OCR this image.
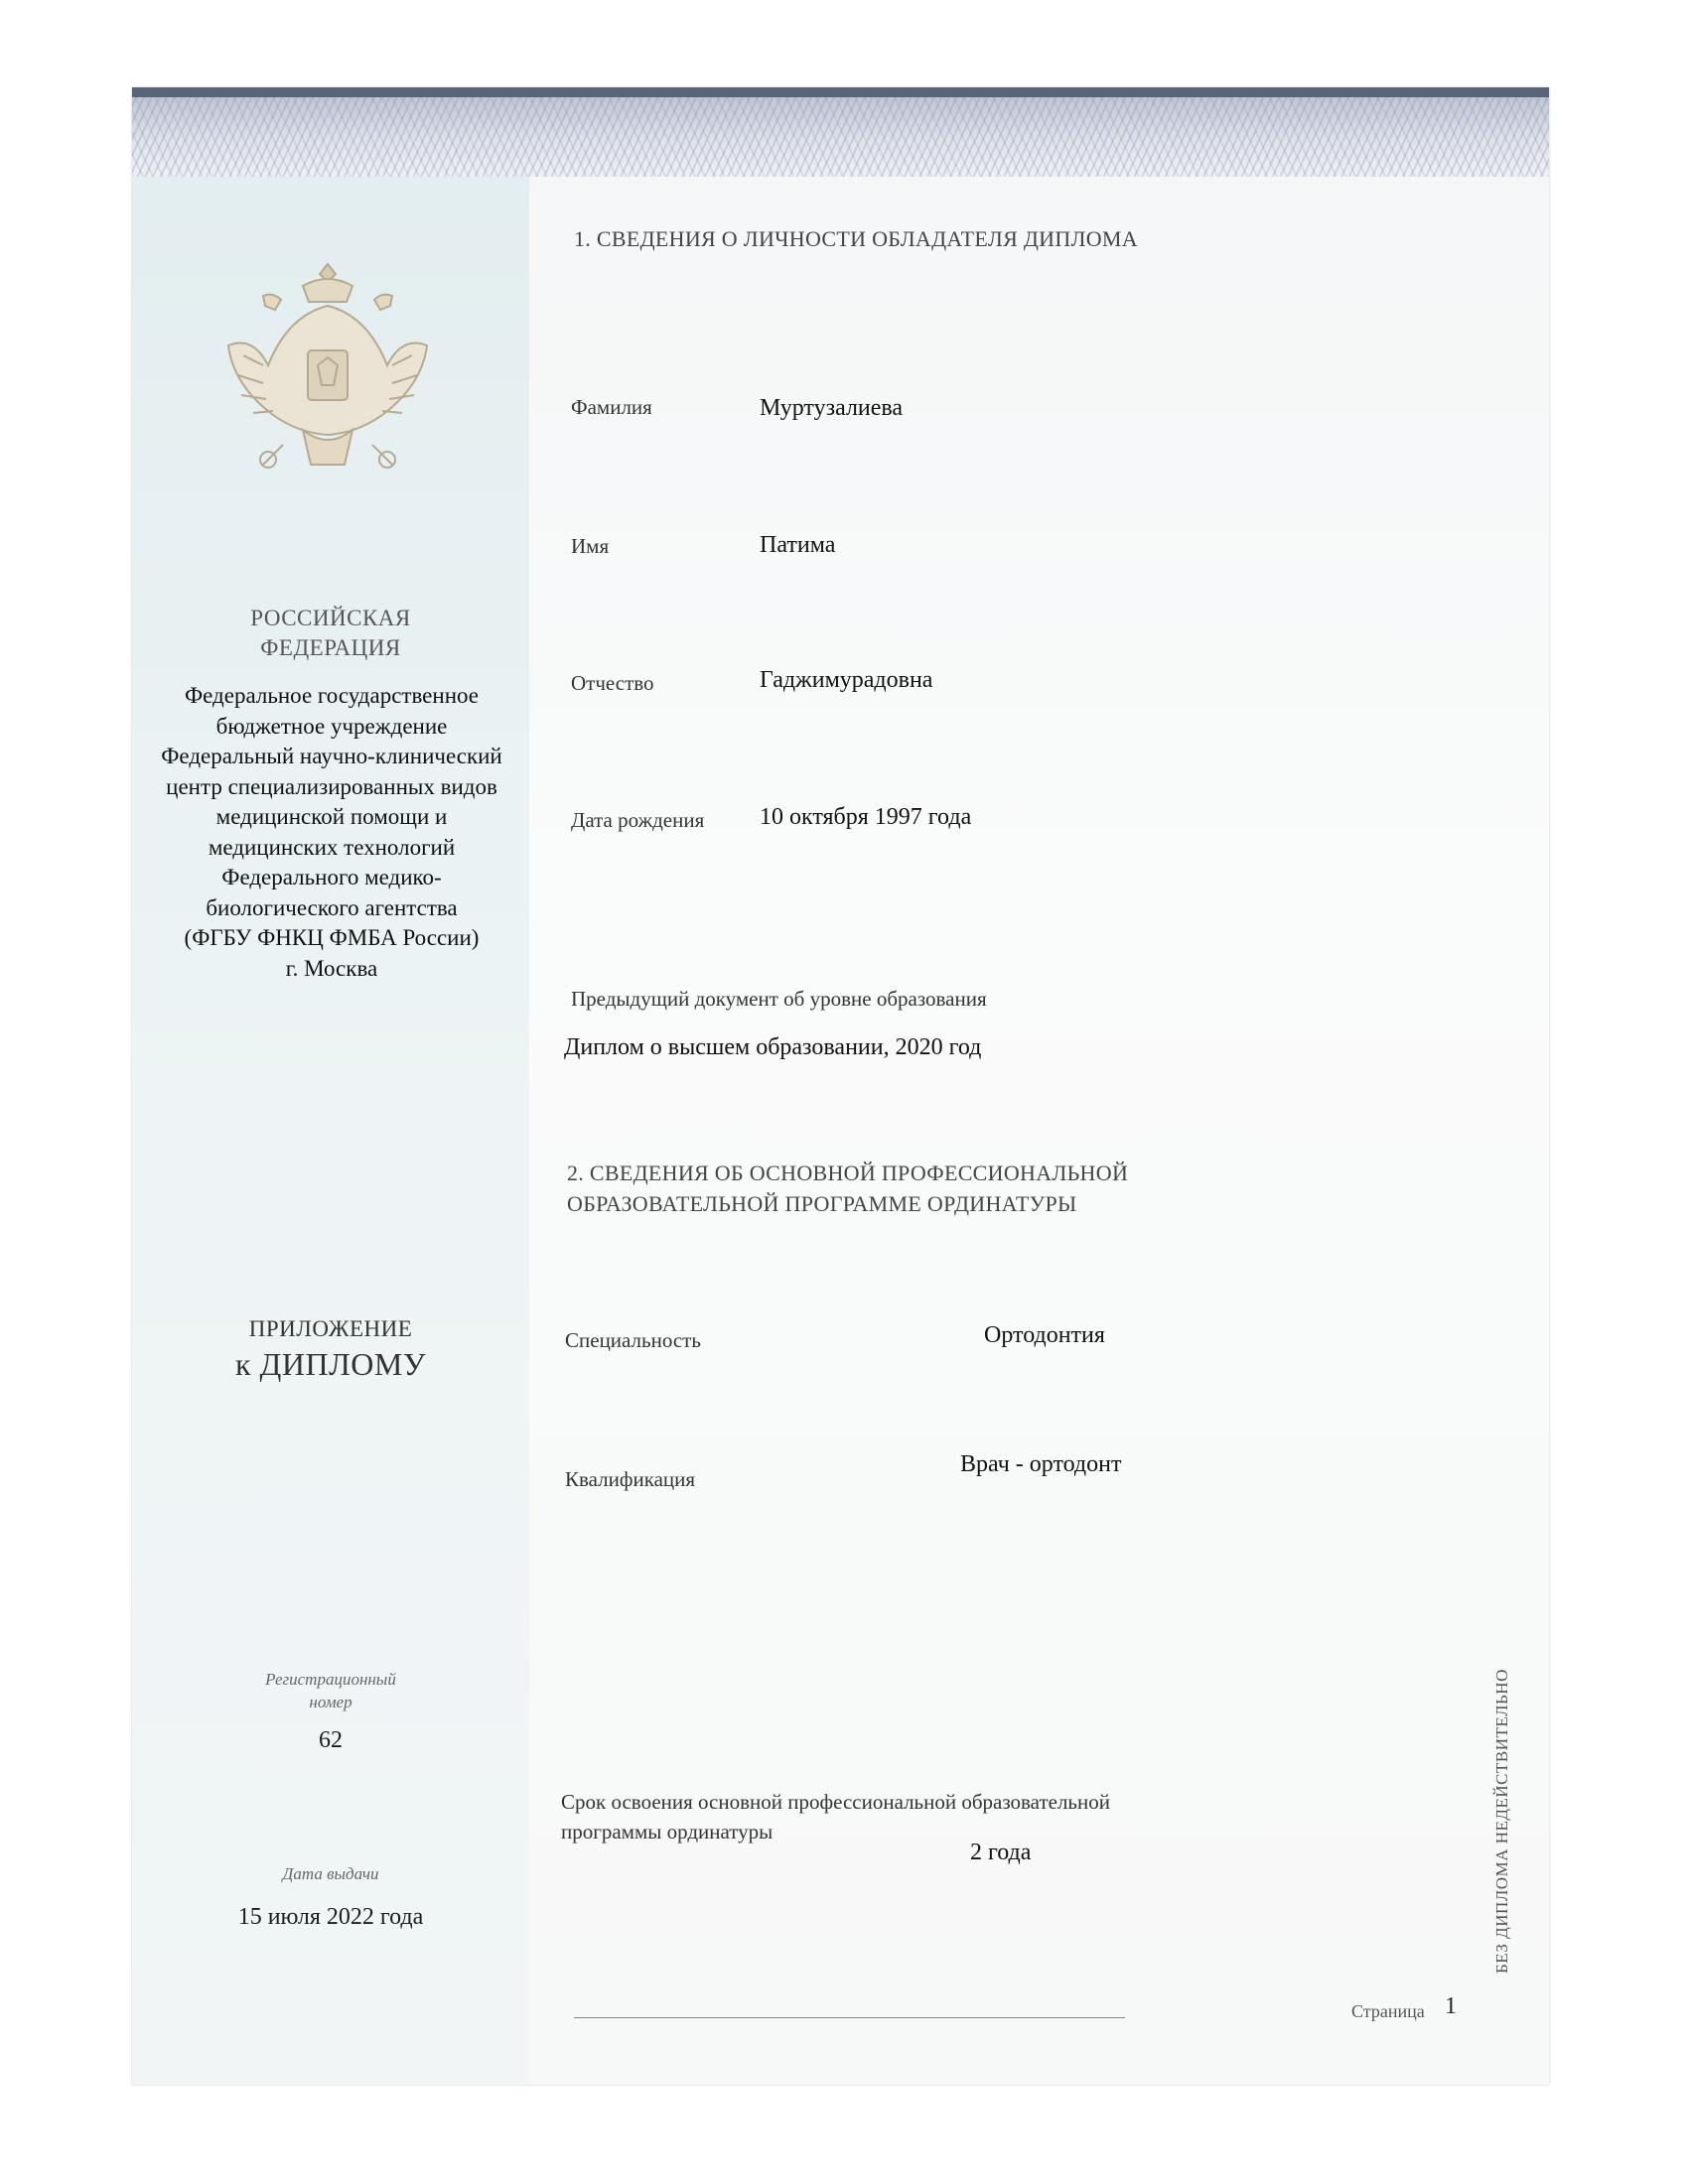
РОССИЙСКАЯ
ФЕДЕРАЦИЯ
Федеральное государственное
бюджетное учреждение
Федеральный научно-клинический
центр специализированных видов
медицинской помощи и
медицинских технологий
Федерального медико-
биологического агентства
(ФГБУ ФНКЦ ФМБА России)
г. Москва
ПРИЛОЖЕНИЕ
к ДИПЛОМУ
Регистрационный
номер
62
Дата выдачи
15 июля 2022 года
1. СВЕДЕНИЯ О ЛИЧНОСТИ ОБЛАДАТЕЛЯ ДИПЛОМА
Фамилия	Муртузалиева
Имя	Патима
Отчество	Гаджимурадовна
Дата рождения 10 октября 1997 года
Предыдущий документ об уровне образования
Диплом о высшем образовании, 2020 год
2. СВЕДЕНИЯ ОБ ОСНОВНОЙ ПРОФЕССИОНАЛЬНОЙ
ОБРАЗОВАТЕЛЬНОЙ ПРОГРАММЕ ОРДИНАТУРЫ
Специальность	Ортодонтия
Квалификация
Врач - ортодонт
Срок освоения основной профессиональной образовательной
программы ординатуры
2 года
Страница 1
БЕЗ ДИПЛОМА НЕДЕЙСТВИТЕЛЬНО
